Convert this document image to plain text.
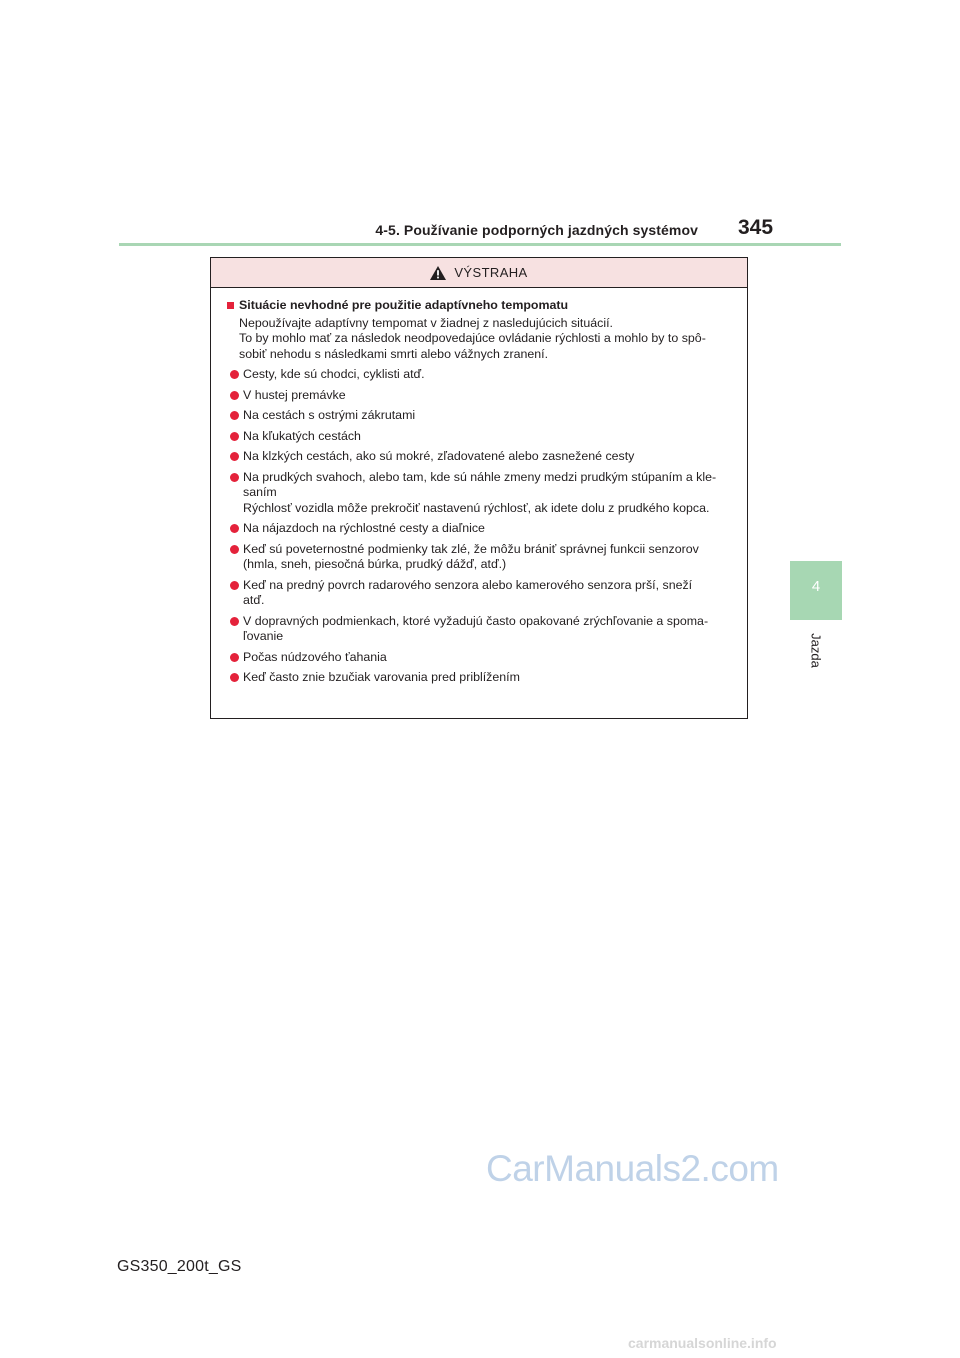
4-5. Používanie podporných jazdných systémov 345
4
Jazda
VÝSTRAHA
Situácie nevhodné pre použitie adaptívneho tempomatu

Nepoužívajte adaptívny tempomat v žiadnej z nasledujúcich situácií.

To by mohlo mať za následok neodpovedajúce ovládanie rýchlosti a mohlo by to spô-

sobiť nehodu s následkami smrti alebo vážnych zranení.

Cesty, kde sú chodci, cyklisti atď.
V hustej premávke
Na cestách s ostrými zákrutami
Na kľukatých cestách
Na klzkých cestách, ako sú mokré, zľadovatené alebo zasnežené cesty
Na prudkých svahoch, alebo tam, kde sú náhle zmeny medzi prudkým stúpaním a kle-
saním
Rýchlosť vozidla môže prekročiť nastavenú rýchlosť, ak idete dolu z prudkého kopca.
Na nájazdoch na rýchlostné cesty a diaľnice
Keď sú poveternostné podmienky tak zlé, že môžu brániť správnej funkcii senzorov
(hmla, sneh, piesočná búrka, prudký dážď, atď.)
Keď na predný povrch radarového senzora alebo kamerového senzora prší, sneží
atď.
V dopravných podmienkach, ktoré vyžadujú často opakované zrýchľovanie a spoma-
ľovanie
Počas núdzového ťahania
Keď často znie bzučiak varovania pred priblížením
GS350_200t_GS
CarManuals2.com
carmanualsonline.info
